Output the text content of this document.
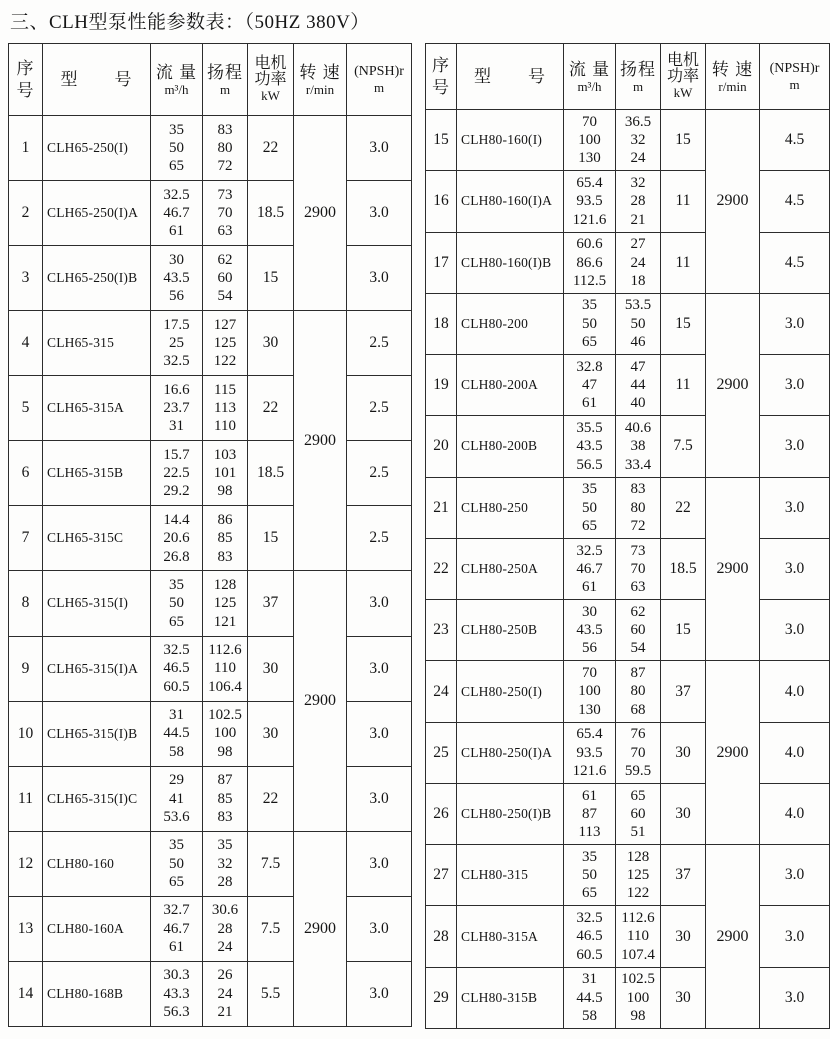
三、CLH型泵性能参数表：（50HZ 380V）
序
号

型　　号	流 量
m³/h

扬程
m

电机
功率
kW

转 速
r/min

(NPSH)r
m

1	CLH65-250(I)	
35
50
65

83
80
72
	22	2900	3.0
2	CLH65-250(I)A	
32.5
46.7
61

73
70
63
	18.5	3.0
3	CLH65-250(I)B	
30
43.5
56

62
60
54
	15	3.0
4	CLH65-315	
17.5
25
32.5

127
125
122
	30	2900	2.5
5	CLH65-315A	
16.6
23.7
31

115
113
110
	22	2.5
6	CLH65-315B	
15.7
22.5
29.2

103
101
98
	18.5	2.5
7	CLH65-315C	
14.4
20.6
26.8

86
85
83
	15	2.5
8	CLH65-315(I)	
35
50
65

128
125
121
	37	2900	3.0
9	CLH65-315(I)A	
32.5
46.5
60.5

112.6
110
106.4
	30	3.0
10	CLH65-315(I)B	
31
44.5
58

102.5
100
98
	30	3.0
11	CLH65-315(I)C	
29
41
53.6

87
85
83
	22	3.0
12	CLH80-160	
35
50
65

35
32
28
	7.5	2900	3.0
13	CLH80-160A	
32.7
46.7
61

30.6
28
24
	7.5	3.0
14	CLH80-168B	
30.3
43.3
56.3

26
24
21
	5.5	3.0
序
号

型　　号	流 量
m³/h

扬程
m

电机
功率
kW

转 速
r/min

(NPSH)r
m

15	CLH80-160(I)	
70
100
130

36.5
32
24
	15	2900	4.5
16	CLH80-160(I)A	
65.4
93.5
121.6

32
28
21
	11	4.5
17	CLH80-160(I)B	
60.6
86.6
112.5

27
24
18
	11	4.5
18	CLH80-200	
35
50
65

53.5
50
46
	15	2900	3.0
19	CLH80-200A	
32.8
47
61

47
44
40
	11	3.0
20	CLH80-200B	
35.5
43.5
56.5

40.6
38
33.4
	7.5	3.0
21	CLH80-250	
35
50
65

83
80
72
	22	2900	3.0
22	CLH80-250A	
32.5
46.7
61

73
70
63
	18.5	3.0
23	CLH80-250B	
30
43.5
56

62
60
54
	15	3.0
24	CLH80-250(I)	
70
100
130

87
80
68
	37	2900	4.0
25	CLH80-250(I)A	
65.4
93.5
121.6

76
70
59.5
	30	4.0
26	CLH80-250(I)B	
61
87
113

65
60
51
	30	4.0
27	CLH80-315	
35
50
65

128
125
122
	37	2900	3.0
28	CLH80-315A	
32.5
46.5
60.5

112.6
110
107.4
	30	3.0
29	CLH80-315B	
31
44.5
58

102.5
100
98
	30	3.0
